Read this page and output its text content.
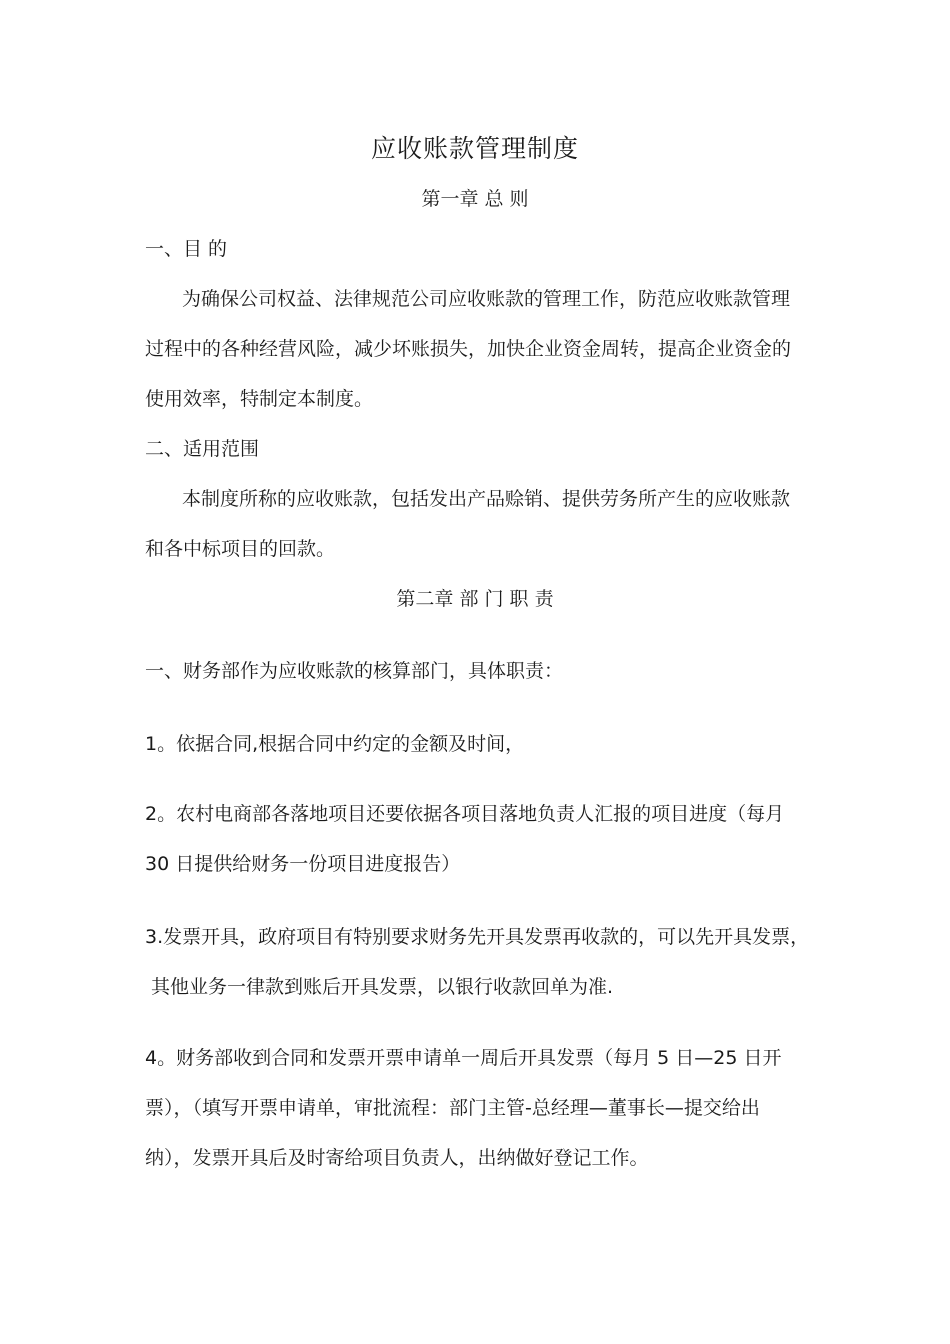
应收账款管理制度
第一章 总 则
一、目 的
为确保公司权益、法律规范公司应收账款的管理工作，防范应收账款管理
过程中的各种经营风险，减少坏账损失，加快企业资金周转，提高企业资金的
使用效率，特制定本制度。
二、适用范围
本制度所称的应收账款，包括发出产品赊销、提供劳务所产生的应收账款
和各中标项目的回款。
第二章 部 门 职 责
一、财务部作为应收账款的核算部门，具体职责：
1。依据合同,根据合同中约定的金额及时间，
2。农村电商部各落地项目还要依据各项目落地负责人汇报的项目进度（每月
30 日提供给财务一份项目进度报告）
3.发票开具，政府项目有特别要求财务先开具发票再收款的，可以先开具发票，
其他业务一律款到账后开具发票，以银行收款回单为准.
4。财务部收到合同和发票开票申请单一周后开具发票（每月 5 日—25 日开
票），（填写开票申请单，审批流程：部门主管-总经理—董事长—提交给出
纳），发票开具后及时寄给项目负责人，出纳做好登记工作。
